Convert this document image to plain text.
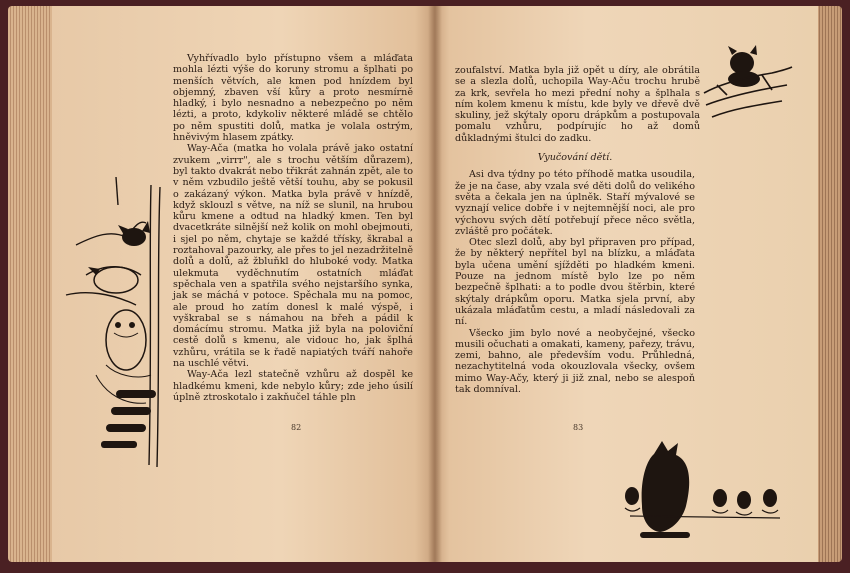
Vyhřívadlo bylo přístupno všem a mláďata mohla lézti výše do koruny stromu a šplhati po menších větvích, ale kmen pod hnízdem byl objemný, zbaven vší kůry a proto nesmírně hladký, i bylo nesnadno a nebezpečno po něm lézti, a proto, kdykoliv některé mládě se chtělo po něm spustiti dolů, matka je volala ostrým, hněvivým hlasem zpátky.

Way-Ača (matka ho volala právě jako ostatní zvukem „virrr", ale s trochu větším důrazem), byl takto dvakrát nebo třikrát zahnán zpět, ale to v něm vzbudilo ještě větší touhu, aby se pokusil o zakázaný výkon. Matka byla právě v hnízdě, když sklouzl s větve, na níž se slunil, na hrubou kůru kmene a odtud na hladký kmen. Ten byl dvacetkráte silnější než kolik on mohl obejmouti, i sjel po něm, chytaje se každé třísky, škrabal a roztahoval pazourky, ale přes to jel nezadržitelně dolů a dolů, až žbluňkl do hluboké vody. Matka ulekmuta vyděchnutím ostatních mláďat spěchala ven a spatřila svého nejstaršího synka, jak se máchá v potoce. Spěchala mu na pomoc, ale proud ho zatím donesl k malé výspě, i vyškrabal se s námahou na břeh a pádil k domácímu stromu. Matka již byla na poloviční cestě dolů s kmenu, ale vidouc ho, jak šplhá vzhůru, vrátila se k řadě napiatých tváří nahoře na uschlé větvi.

Way-Ača lezl statečně vzhůru až dospěl ke hladkému kmeni, kde nebylo kůry; zde jeho úsilí úplně ztroskotalo i zakňučel táhle pln

82

zoufalství. Matka byla již opět u díry, ale obrátila se a slezla dolů, uchopila Way-Aču trochu hrubě za krk, sevřela ho mezi přední nohy a šplhala s ním kolem kmenu k místu, kde byly ve dřevě dvě skuliny, jež skýtaly oporu drápkům a postupovala pomalu vzhůru, podpírujíc ho až domů důkladnými štulci do zadku.

Vyučování dětí.

Asi dva týdny po této příhodě matka usoudila, že je na čase, aby vzala své děti dolů do velikého světa a čekala jen na úplněk. Staří mývalové se vyznají velice dobře i v nejtemnější noci, ale pro výchovu svých dětí potřebují přece něco světla, zvláště pro počátek.

Otec slezl dolů, aby byl připraven pro případ, že by některý nepřítel byl na blízku, a mláďata byla učena umění sjížděti po hladkém kmeni. Pouze na jednom místě bylo lze po něm bezpečně šplhati: a to podle dvou štěrbin, které skýtaly drápkům oporu. Matka sjela první, aby ukázala mláďatům cestu, a mladí následovali za ní.

Všecko jim bylo nové a neobyčejné, všecko musili očuchati a omakati, kameny, pařezy, trávu, zemi, bahno, ale především vodu. Průhledná, nezachytitelná voda okouzlovala všecky, ovšem mimo Way-Ačy, který ji již znal, nebo se alespoň tak domníval.

83
